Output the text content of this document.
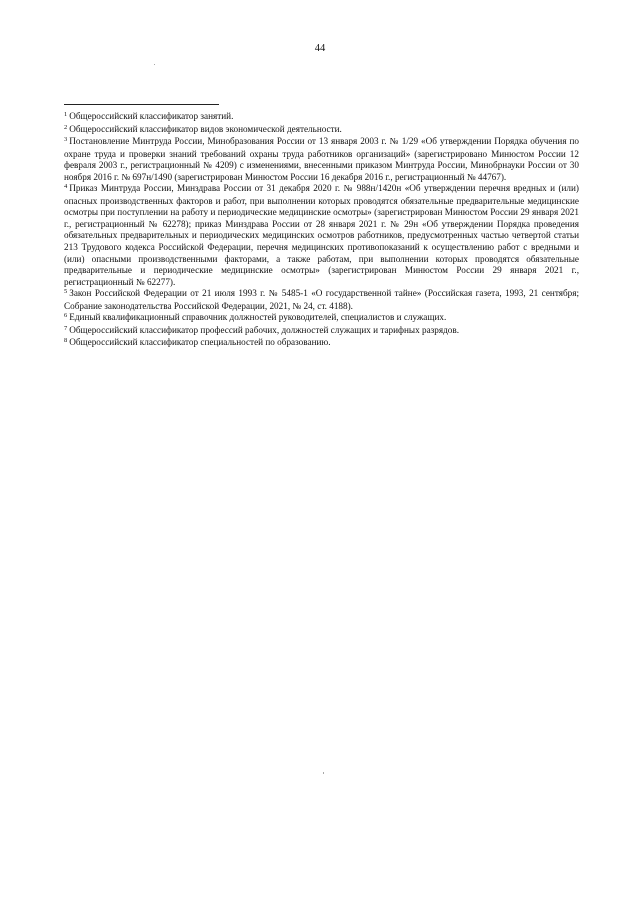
44

$^1$ Общероссийский классификатор занятий.

$^2$ Общероссийский классификатор видов экономической деятельности.

$^3$ Постановление Минтруда России, Минобразования России от 13 января 2003 г. № 1/29 «Об утверждении Порядка обучения по охране труда и проверки знаний требований охраны труда работников организаций» (зарегистрировано Минюстом России 12 февраля 2003 г., регистрационный № 4209) с изменениями, внесенными приказом Минтруда России, Минобрнауки России от 30 ноября 2016 г. № 697н/1490 (зарегистрирован Минюстом России 16 декабря 2016 г., регистрационный № 44767).

$^4$ Приказ Минтруда России, Минздрава России от 31 декабря 2020 г. № 988н/1420н «Об утверждении перечня вредных и (или) опасных производственных факторов и работ, при выполнении которых проводятся обязательные предварительные медицинские осмотры при поступлении на работу и периодические медицинские осмотры» (зарегистрирован Минюстом России 29 января 2021 г., регистрационный № 62278); приказ Минздрава России от 28 января 2021 г. № 29н «Об утверждении Порядка проведения обязательных предварительных и периодических медицинских осмотров работников, предусмотренных частью четвертой статьи 213 Трудового кодекса Российской Федерации, перечня медицинских противопоказаний к осуществлению работ с вредными и (или) опасными производственными факторами, а также работам, при выполнении которых проводятся обязательные предварительные и периодические медицинские осмотры» (зарегистрирован Минюстом России 29 января 2021 г., регистрационный № 62277).

$^5$ Закон Российской Федерации от 21 июля 1993 г. № 5485-1 «О государственной тайне» (Российская газета, 1993, 21 сентября; Собрание законодательства Российской Федерации, 2021, № 24, ст. 4188).

$^6$ Единый квалификационный справочник должностей руководителей, специалистов и служащих.

$^7$ Общероссийский классификатор профессий рабочих, должностей служащих и тарифных разрядов.

$^8$ Общероссийский классификатор специальностей по образованию.
